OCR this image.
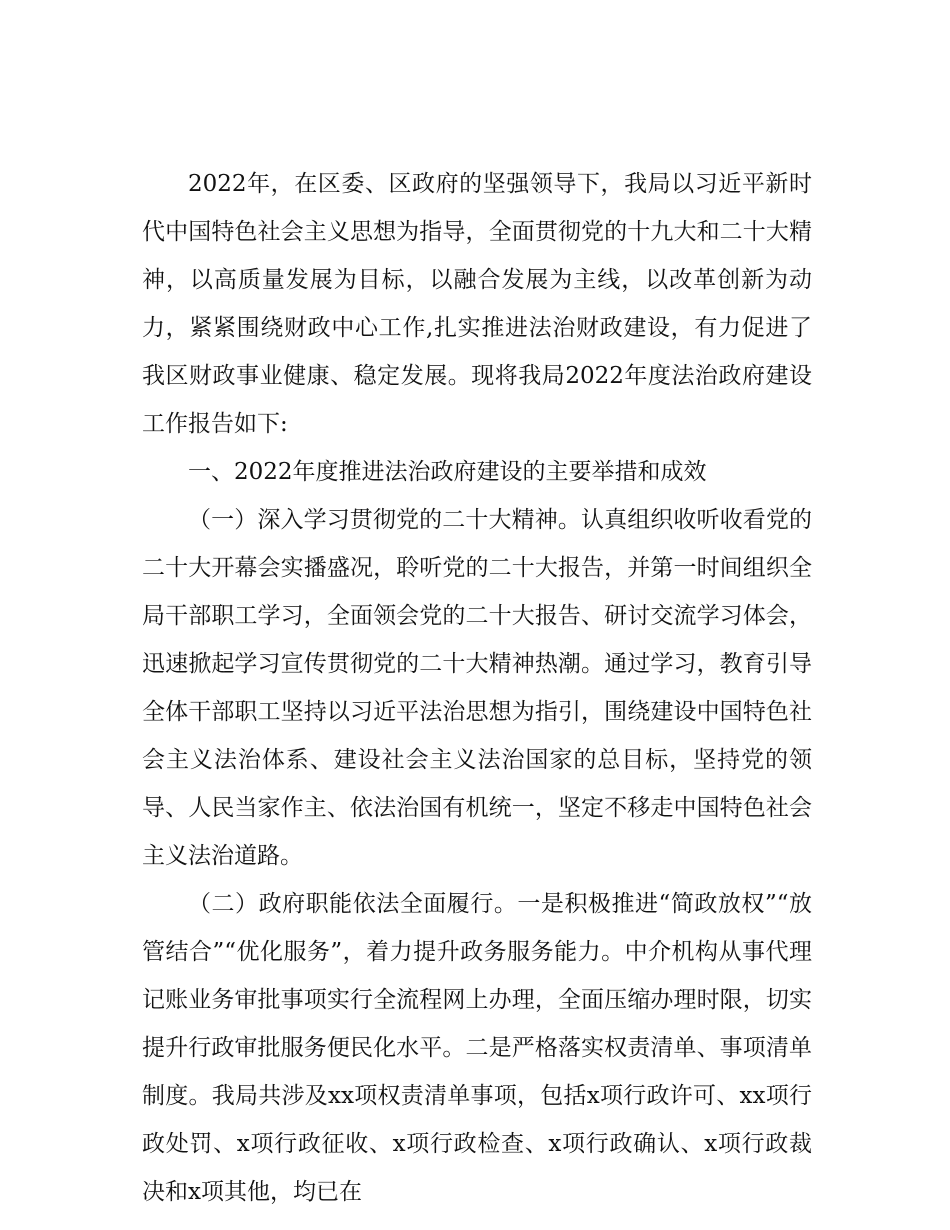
2022年，在区委、区政府的坚强领导下，我局以习近平新时代中国特色社会主义思想为指导，全面贯彻党的十九大和二十大精神，以高质量发展为目标，以融合发展为主线，以改革创新为动力，紧紧围绕财政中心工作,扎实推进法治财政建设，有力促进了我区财政事业健康、稳定发展。现将我局2022年度法治政府建设工作报告如下:

一、2022年度推进法治政府建设的主要举措和成效

（一）深入学习贯彻党的二十大精神。认真组织收听收看党的二十大开幕会实播盛况，聆听党的二十大报告，并第一时间组织全局干部职工学习，全面领会党的二十大报告、研讨交流学习体会，迅速掀起学习宣传贯彻党的二十大精神热潮。通过学习，教育引导全体干部职工坚持以习近平法治思想为指引，围绕建设中国特色社会主义法治体系、建设社会主义法治国家的总目标，坚持党的领导、人民当家作主、依法治国有机统一，坚定不移走中国特色社会主义法治道路。

（二）政府职能依法全面履行。一是积极推进“简政放权”“放管结合”“优化服务”，着力提升政务服务能力。中介机构从事代理记账业务审批事项实行全流程网上办理，全面压缩办理时限，切实提升行政审批服务便民化水平。二是严格落实权责清单、事项清单制度。我局共涉及xx项权责清单事项，包括x项行政许可、xx项行政处罚、x项行政征收、x项行政检查、x项行政确认、x项行政裁决和x项其他，均已在
